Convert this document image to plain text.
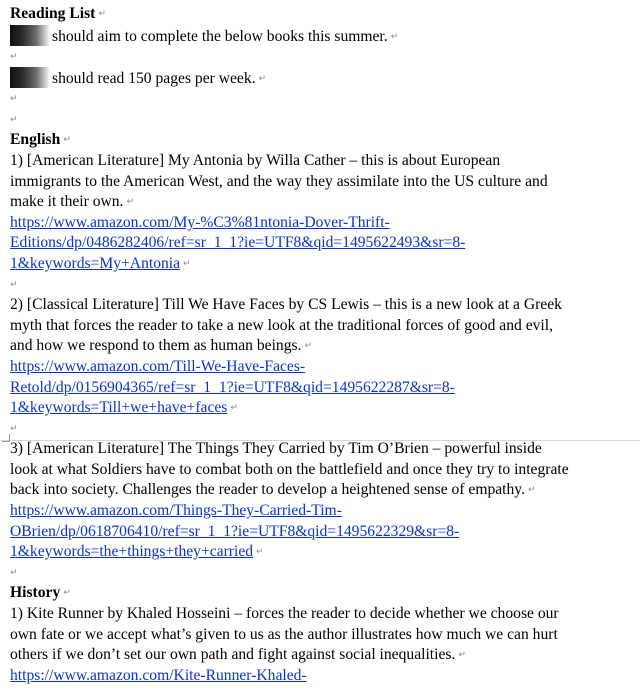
Reading List ↵
should aim to complete the below books this summer. ↵
↵
should read 150 pages per week. ↵
↵
↵
English ↵
1) [American Literature] My Antonia by Willa Cather – this is about European
immigrants to the American West, and the way they assimilate into the US culture and
make it their own. ↵
https://www.amazon.com/My-%C3%81ntonia-Dover-Thrift-
Editions/dp/0486282406/ref=sr_1_1?ie=UTF8&qid=1495622493&sr=8-
1&keywords=My+Antonia ↵
↵
2) [Classical Literature] Till We Have Faces by CS Lewis – this is a new look at a Greek
myth that forces the reader to take a new look at the traditional forces of good and evil,
and how we respond to them as human beings. ↵
https://www.amazon.com/Till-We-Have-Faces-
Retold/dp/0156904365/ref=sr_1_1?ie=UTF8&qid=1495622287&sr=8-
1&keywords=Till+we+have+faces ↵
↵
3) [American Literature] The Things They Carried by Tim O’Brien – powerful inside
look at what Soldiers have to combat both on the battlefield and once they try to integrate
back into society. Challenges the reader to develop a heightened sense of empathy. ↵
https://www.amazon.com/Things-They-Carried-Tim-
OBrien/dp/0618706410/ref=sr_1_1?ie=UTF8&qid=1495622329&sr=8-
1&keywords=the+things+they+carried ↵
↵
History ↵
1) Kite Runner by Khaled Hosseini – forces the reader to decide whether we choose our
own fate or we accept what’s given to us as the author illustrates how much we can hurt
others if we don’t set our own path and fight against social inequalities. ↵
https://www.amazon.com/Kite-Runner-Khaled-
